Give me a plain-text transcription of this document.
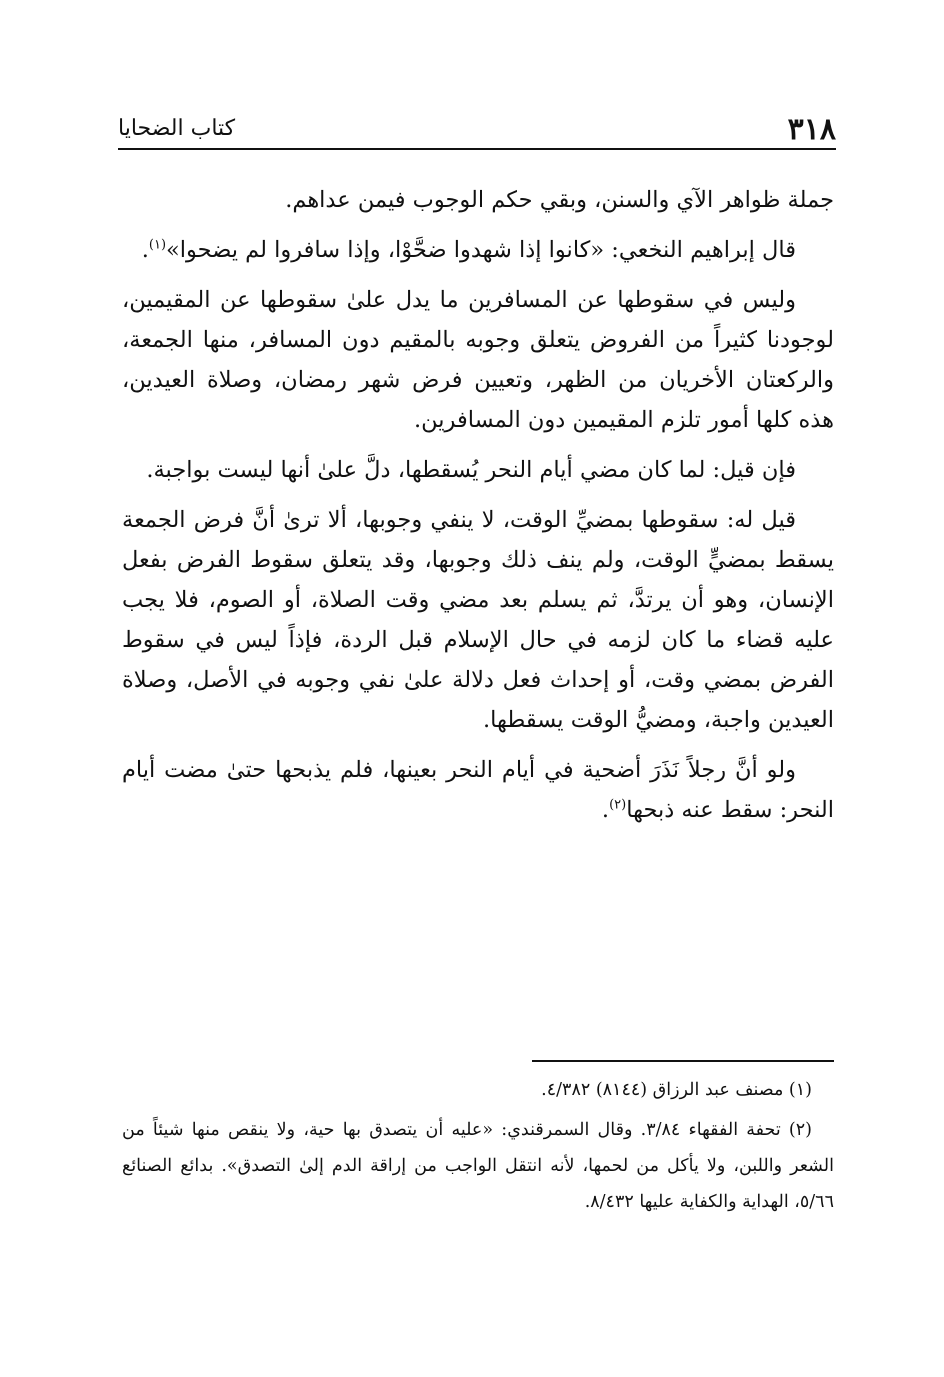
٣١٨
كتاب الضحايا

جملة ظواهر الآي والسنن، وبقي حكم الوجوب فيمن عداهم.

قال إبراهيم النخعي: «كانوا إذا شهدوا ضحَّوْا، وإذا سافروا لم يضحوا»$^{(١)}$.

وليس في سقوطها عن المسافرين ما يدل علىٰ سقوطها عن المقيمين، لوجودنا كثيراً من الفروض يتعلق وجوبه بالمقيم دون المسافر، منها الجمعة، والركعتان الأخريان من الظهر، وتعيين فرض شهر رمضان، وصلاة العيدين، هذه كلها أمور تلزم المقيمين دون المسافرين.

فإن قيل: لما كان مضي أيام النحر يُسقطها، دلَّ علىٰ أنها ليست بواجبة.

قيل له: سقوطها بمضيِّ الوقت، لا ينفي وجوبها، ألا ترىٰ أنَّ فرض الجمعة يسقط بمضيٍّ الوقت، ولم ينف ذلك وجوبها، وقد يتعلق سقوط الفرض بفعل الإنسان، وهو أن يرتدَّ، ثم يسلم بعد مضي وقت الصلاة، أو الصوم، فلا يجب عليه قضاء ما كان لزمه في حال الإسلام قبل الردة، فإذاً ليس في سقوط الفرض بمضي وقت، أو إحداث فعل دلالة علىٰ نفي وجوبه في الأصل، وصلاة العيدين واجبة، ومضيُّ الوقت يسقطها.

ولو أنَّ رجلاً نَذَرَ أضحية في أيام النحر بعينها، فلم يذبحها حتىٰ مضت أيام النحر: سقط عنه ذبحها$^{(٢)}$.

(١) مصنف عبد الرزاق (٨١٤٤) ٤/٣٨٢.

(٢) تحفة الفقهاء ٣/٨٤. وقال السمرقندي: «عليه أن يتصدق بها حية، ولا ينقص منها شيئاً من الشعر واللبن، ولا يأكل من لحمها، لأنه انتقل الواجب من إراقة الدم إلىٰ التصدق». بدائع الصنائع ٥/٦٦، الهداية والكفاية عليها ٨/٤٣٢.
